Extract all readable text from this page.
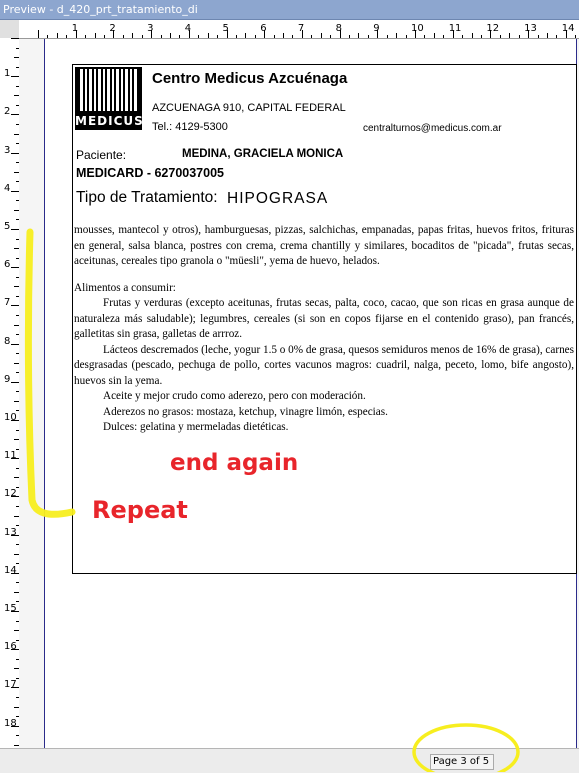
Preview - d_420_prt_tratamiento_di
1	2	3	4	5	6	7	8	9	10 11 12 13 14
1
2
3
4
5
6
7
8
9
10
11
12
13
14
15
16
17
18
MEDICUS
Centro Medicus Azcuénaga
AZCUENAGA 910, CAPITAL FEDERAL
Tel.: 4129-5300	centralturnos@medicus.com.ar
Paciente:	MEDINA, GRACIELA MONICA
MEDICARD - 6270037005
Tipo de Tratamiento: HIPOGRASA

mousses, mantecol y otros), hamburguesas, pizzas, salchichas, empanadas, papas fritas, huevos fritos, frituras en general, salsa blanca, postres con crema, crema chantilly y similares, bocaditos de "picada", frutas secas, aceitunas, cereales tipo granola o "müesli", yema de huevo, helados.

Alimentos a consumir:

Frutas y verduras (excepto aceitunas, frutas secas, palta, coco, cacao, que son ricas en grasa aunque de naturaleza más saludable); legumbres, cereales (si son en copos fijarse en el contenido graso), pan francés, galletitas sin grasa, galletas de arrroz.

Lácteos descremados (leche, yogur 1.5 o 0% de grasa, quesos semiduros menos de 16% de grasa), carnes desgrasadas (pescado, pechuga de pollo, cortes vacunos magros: cuadril, nalga, peceto, lomo, bife angosto), huevos sin la yema.

Aceite y mejor crudo como aderezo, pero con moderación.

Aderezos no grasos: mostaza, ketchup, vinagre limón, especias.

Dulces: gelatina y mermeladas dietéticas.

Page 3 of 5
end again
Repeat
